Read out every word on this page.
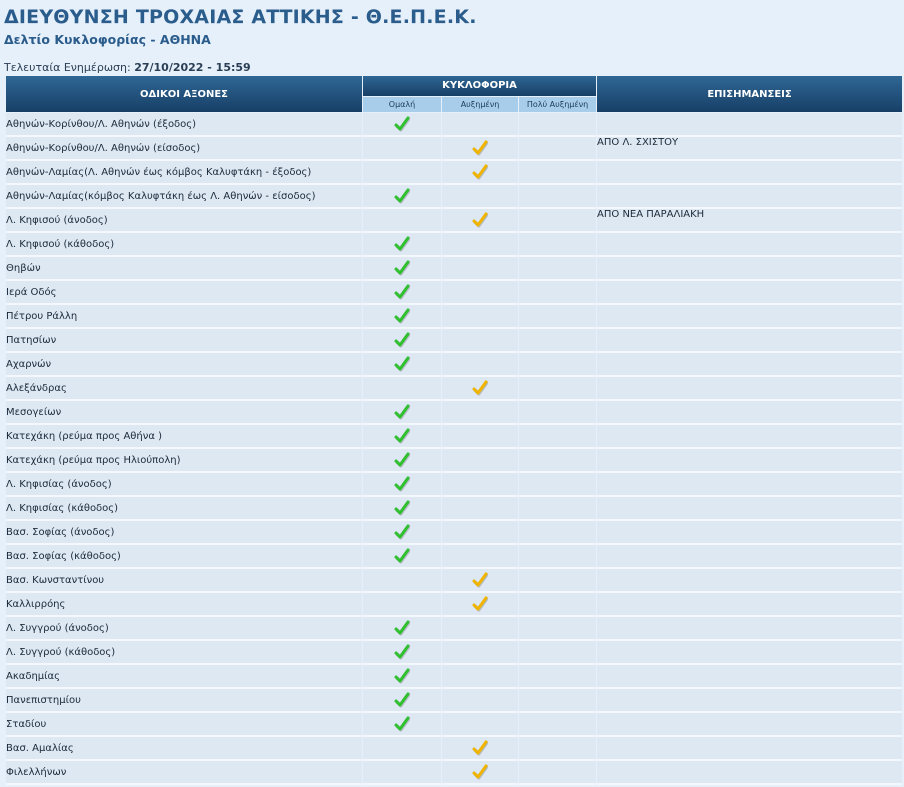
ΔΙΕΥΘΥΝΣΗ ΤΡΟΧΑΙΑΣ ΑΤΤΙΚΗΣ - Θ.Ε.Π.Ε.Κ.
Δελτίο Κυκλοφορίας - ΑΘΗΝΑ
Τελευταία Ενημέρωση: 27/10/2022 - 15:59
ΟΔΙΚΟΙ ΑΞΟΝΕΣ	ΚΥΚΛΟΦΟΡΙΑ			ΕΠΙΣΗΜΑΝΣΕΙΣ
	Ομαλή	Αυξημένη	Πολύ Αυξημένη	
Αθηνών-Κορίνθου/Λ. Αθηνών (έξοδος)	

Αθηνών-Κορίνθου/Λ. Αθηνών (είσοδος)				ΑΠΟ Λ. ΣΧΙΣΤΟΥ
Αθηνών-Λαμίας(Λ. Αθηνών έως κόμβος Καλυφτάκη - έξοδος)		

Αθηνών-Λαμίας(κόμβος Καλυφτάκη έως Λ. Αθηνών - είσοδος)	

Λ. Κηφισού (άνοδος)				ΑΠΟ ΝΕΑ ΠΑΡΑΛΙΑΚΗ
Λ. Κηφισού (κάθοδος)	

Θηβών	

Ιερά Οδός	

Πέτρου Ράλλη	

Πατησίων	

Αχαρνών	

Αλεξάνδρας		

Μεσογείων	

Κατεχάκη (ρεύμα προς Αθήνα )	

Κατεχάκη (ρεύμα προς Ηλιούπολη)	

Λ. Κηφισίας (άνοδος)	

Λ. Κηφισίας (κάθοδος)	

Βασ. Σοφίας (άνοδος)	

Βασ. Σοφίας (κάθοδος)	

Βασ. Κωνσταντίνου		

Καλλιρρόης		

Λ. Συγγρού (άνοδος)	

Λ. Συγγρού (κάθοδος)	

Ακαδημίας	

Πανεπιστημίου	

Σταδίου	

Βασ. Αμαλίας		

Φιλελλήνων		
